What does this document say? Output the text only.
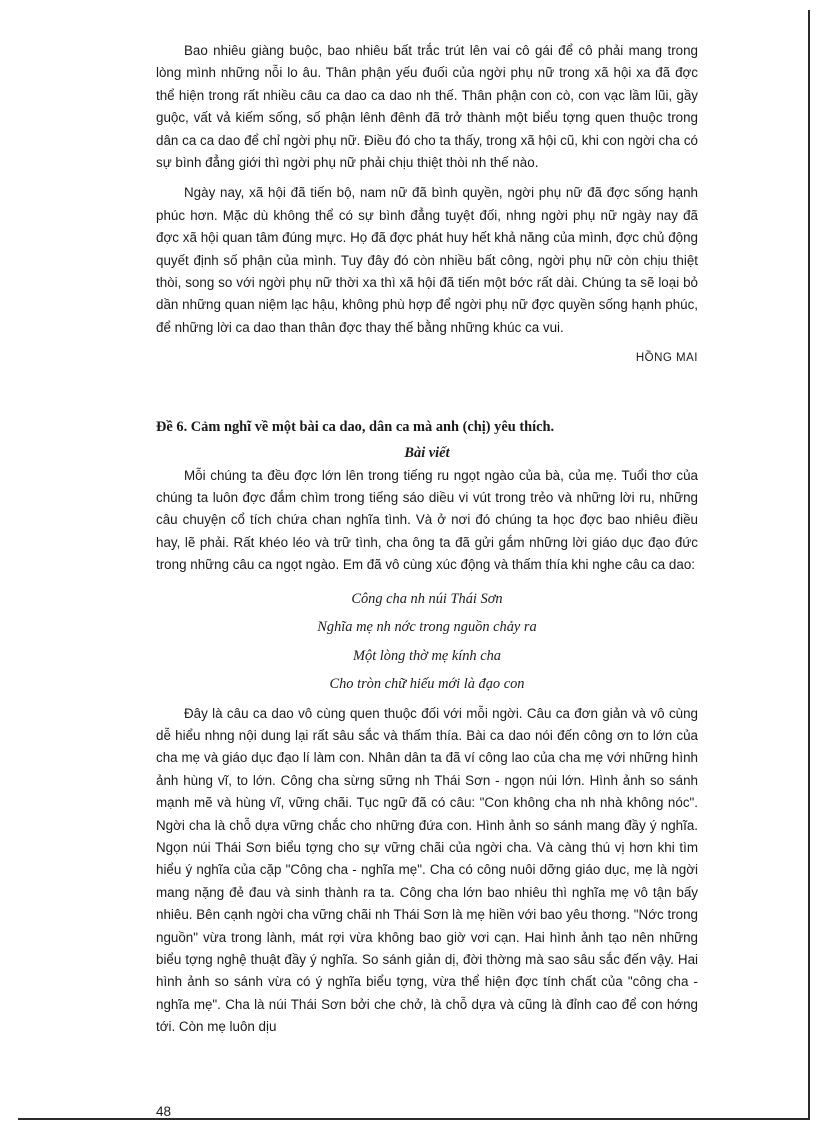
Bao nhiêu giàng buộc, bao nhiêu bất trắc trút lên vai cô gái để cô phải mang trong lòng mình những nỗi lo âu. Thân phận yếu đuối của ngời phụ nữ trong xã hội xa đã đợc thể hiện trong rất nhiều câu ca dao ca dao nh thế. Thân phận con cò, con vạc lầm lũi, gầy guộc, vất vả kiếm sống, số phận lênh đênh đã trở thành một biểu tợng quen thuộc trong dân ca ca dao để chỉ ngời phụ nữ. Điều đó cho ta thấy, trong xã hội cũ, khi con ngời cha có sự bình đẳng giới thì ngời phụ nữ phải chịu thiệt thòi nh thế nào.

Ngày nay, xã hội đã tiến bộ, nam nữ đã bình quyền, ngời phụ nữ đã đợc sống hạnh phúc hơn. Mặc dù không thể có sự bình đẳng tuyệt đối, nhng ngời phụ nữ ngày nay đã đợc xã hội quan tâm đúng mực. Họ đã đợc phát huy hết khả năng của mình, đợc chủ động quyết định số phận của mình. Tuy đây đó còn nhiều bất công, ngời phụ nữ còn chịu thiệt thòi, song so với ngời phụ nữ thời xa thì xã hội đã tiến một bớc rất dài. Chúng ta sẽ loại bỏ dần những quan niệm lạc hậu, không phù hợp để ngời phụ nữ đợc quyền sống hạnh phúc, để những lời ca dao than thân đợc thay thế bằng những khúc ca vui.

HỒNG MAI
Đề 6. Cảm nghĩ về một bài ca dao, dân ca mà anh (chị) yêu thích.
Bài viết

Mỗi chúng ta đều đợc lớn lên trong tiếng ru ngọt ngào của bà, của mẹ. Tuổi thơ của chúng ta luôn đợc đắm chìm trong tiếng sáo diều vi vút trong trẻo và những lời ru, những câu chuyện cổ tích chứa chan nghĩa tình. Và ở nơi đó chúng ta học đợc bao nhiêu điều hay, lẽ phải. Rất khéo léo và trữ tình, cha ông ta đã gửi gắm những lời giáo dục đạo đức trong những câu ca ngọt ngào. Em đã vô cùng xúc động và thấm thía khi nghe câu ca dao:

Công cha nh núi Thái Sơn
Nghĩa mẹ nh nớc trong nguồn chảy ra
Một lòng thờ mẹ kính cha
Cho tròn chữ hiếu mới là đạo con

Đây là câu ca dao vô cùng quen thuộc đối với mỗi ngời. Câu ca đơn giản và vô cùng dễ hiểu nhng nội dung lại rất sâu sắc và thấm thía. Bài ca dao nói đến công ơn to lớn của cha mẹ và giáo dục đạo lí làm con. Nhân dân ta đã ví công lao của cha mẹ với những hình ảnh hùng vĩ, to lớn. Công cha sừng sững nh Thái Sơn - ngọn núi lớn. Hình ảnh so sánh mạnh mẽ và hùng vĩ, vững chãi. Tục ngữ đã có câu: "Con không cha nh nhà không nóc". Ngời cha là chỗ dựa vững chắc cho những đứa con. Hình ảnh so sánh mang đầy ý nghĩa. Ngọn núi Thái Sơn biểu tợng cho sự vững chãi của ngời cha. Và càng thú vị hơn khi tìm hiểu ý nghĩa của cặp "Công cha - nghĩa mẹ". Cha có công nuôi dỡng giáo dục, mẹ là ngời mang nặng đẻ đau và sinh thành ra ta. Công cha lớn bao nhiêu thì nghĩa mẹ vô tận bấy nhiêu. Bên cạnh ngời cha vững chãi nh Thái Sơn là mẹ hiền với bao yêu thơng. "Nớc trong nguồn" vừa trong lành, mát rợi vừa không bao giờ vơi cạn. Hai hình ảnh tạo nên những biểu tợng nghệ thuật đầy ý nghĩa. So sánh giản dị, đời thờng mà sao sâu sắc đến vậy. Hai hình ảnh so sánh vừa có ý nghĩa biểu tợng, vừa thể hiện đợc tính chất của "công cha - nghĩa mẹ". Cha là núi Thái Sơn bởi che chở, là chỗ dựa và cũng là đỉnh cao để con hớng tới. Còn mẹ luôn dịu

48
